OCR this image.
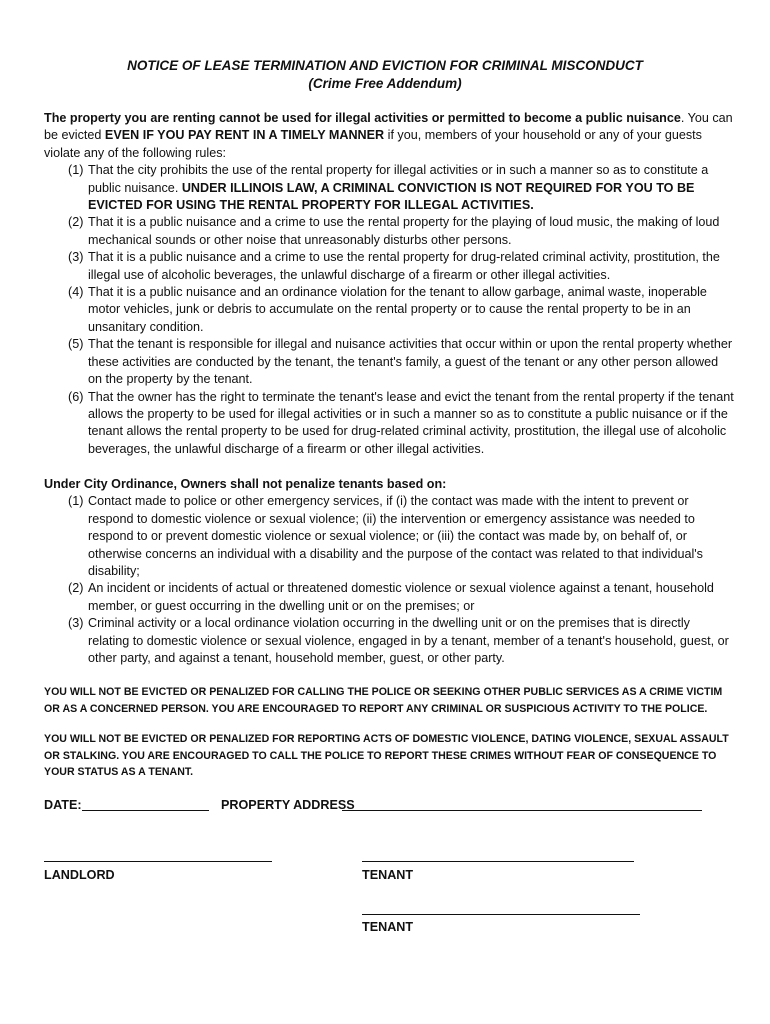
NOTICE OF LEASE TERMINATION AND EVICTION FOR CRIMINAL MISCONDUCT
(Crime Free Addendum)

The property you are renting cannot be used for illegal activities or permitted to become a public nuisance. You can be evicted EVEN IF YOU PAY RENT IN A TIMELY MANNER if you, members of your household or any of your guests violate any of the following rules:

(1) That the city prohibits the use of the rental property for illegal activities or in such a manner so as to constitute a public nuisance. UNDER ILLINOIS LAW, A CRIMINAL CONVICTION IS NOT REQUIRED FOR YOU TO BE EVICTED FOR USING THE RENTAL PROPERTY FOR ILLEGAL ACTIVITIES.
(2) That it is a public nuisance and a crime to use the rental property for the playing of loud music, the making of loud mechanical sounds or other noise that unreasonably disturbs other persons.
(3) That it is a public nuisance and a crime to use the rental property for drug-related criminal activity, prostitution, the illegal use of alcoholic beverages, the unlawful discharge of a firearm or other illegal activities.
(4) That it is a public nuisance and an ordinance violation for the tenant to allow garbage, animal waste, inoperable motor vehicles, junk or debris to accumulate on the rental property or to cause the rental property to be in an unsanitary condition.
(5) That the tenant is responsible for illegal and nuisance activities that occur within or upon the rental property whether these activities are conducted by the tenant, the tenant's family, a guest of the tenant or any other person allowed on the property by the tenant.
(6) That the owner has the right to terminate the tenant's lease and evict the tenant from the rental property if the tenant allows the property to be used for illegal activities or in such a manner so as to constitute a public nuisance or if the tenant allows the rental property to be used for drug-related criminal activity, prostitution, the illegal use of alcoholic beverages, the unlawful discharge of a firearm or other illegal activities.
Under City Ordinance, Owners shall not penalize tenants based on:
(1) Contact made to police or other emergency services, if (i) the contact was made with the intent to prevent or respond to domestic violence or sexual violence; (ii) the intervention or emergency assistance was needed to respond to or prevent domestic violence or sexual violence; or (iii) the contact was made by, on behalf of, or otherwise concerns an individual with a disability and the purpose of the contact was related to that individual's disability;
(2) An incident or incidents of actual or threatened domestic violence or sexual violence against a tenant, household member, or guest occurring in the dwelling unit or on the premises; or
(3) Criminal activity or a local ordinance violation occurring in the dwelling unit or on the premises that is directly relating to domestic violence or sexual violence, engaged in by a tenant, member of a tenant's household, guest, or other party, and against a tenant, household member, guest, or other party.
YOU WILL NOT BE EVICTED OR PENALIZED FOR CALLING THE POLICE OR SEEKING OTHER PUBLIC SERVICES AS A CRIME VICTIM OR AS A CONCERNED PERSON. YOU ARE ENCOURAGED TO REPORT ANY CRIMINAL OR SUSPICIOUS ACTIVITY TO THE POLICE.
YOU WILL NOT BE EVICTED OR PENALIZED FOR REPORTING ACTS OF DOMESTIC VIOLENCE, DATING VIOLENCE, SEXUAL ASSAULT OR STALKING. YOU ARE ENCOURAGED TO CALL THE POLICE TO REPORT THESE CRIMES WITHOUT FEAR OF CONSEQUENCE TO YOUR STATUS AS A TENANT.
DATE:	PROPERTY ADDRESS
LANDLORD	TENANT
TENANT
